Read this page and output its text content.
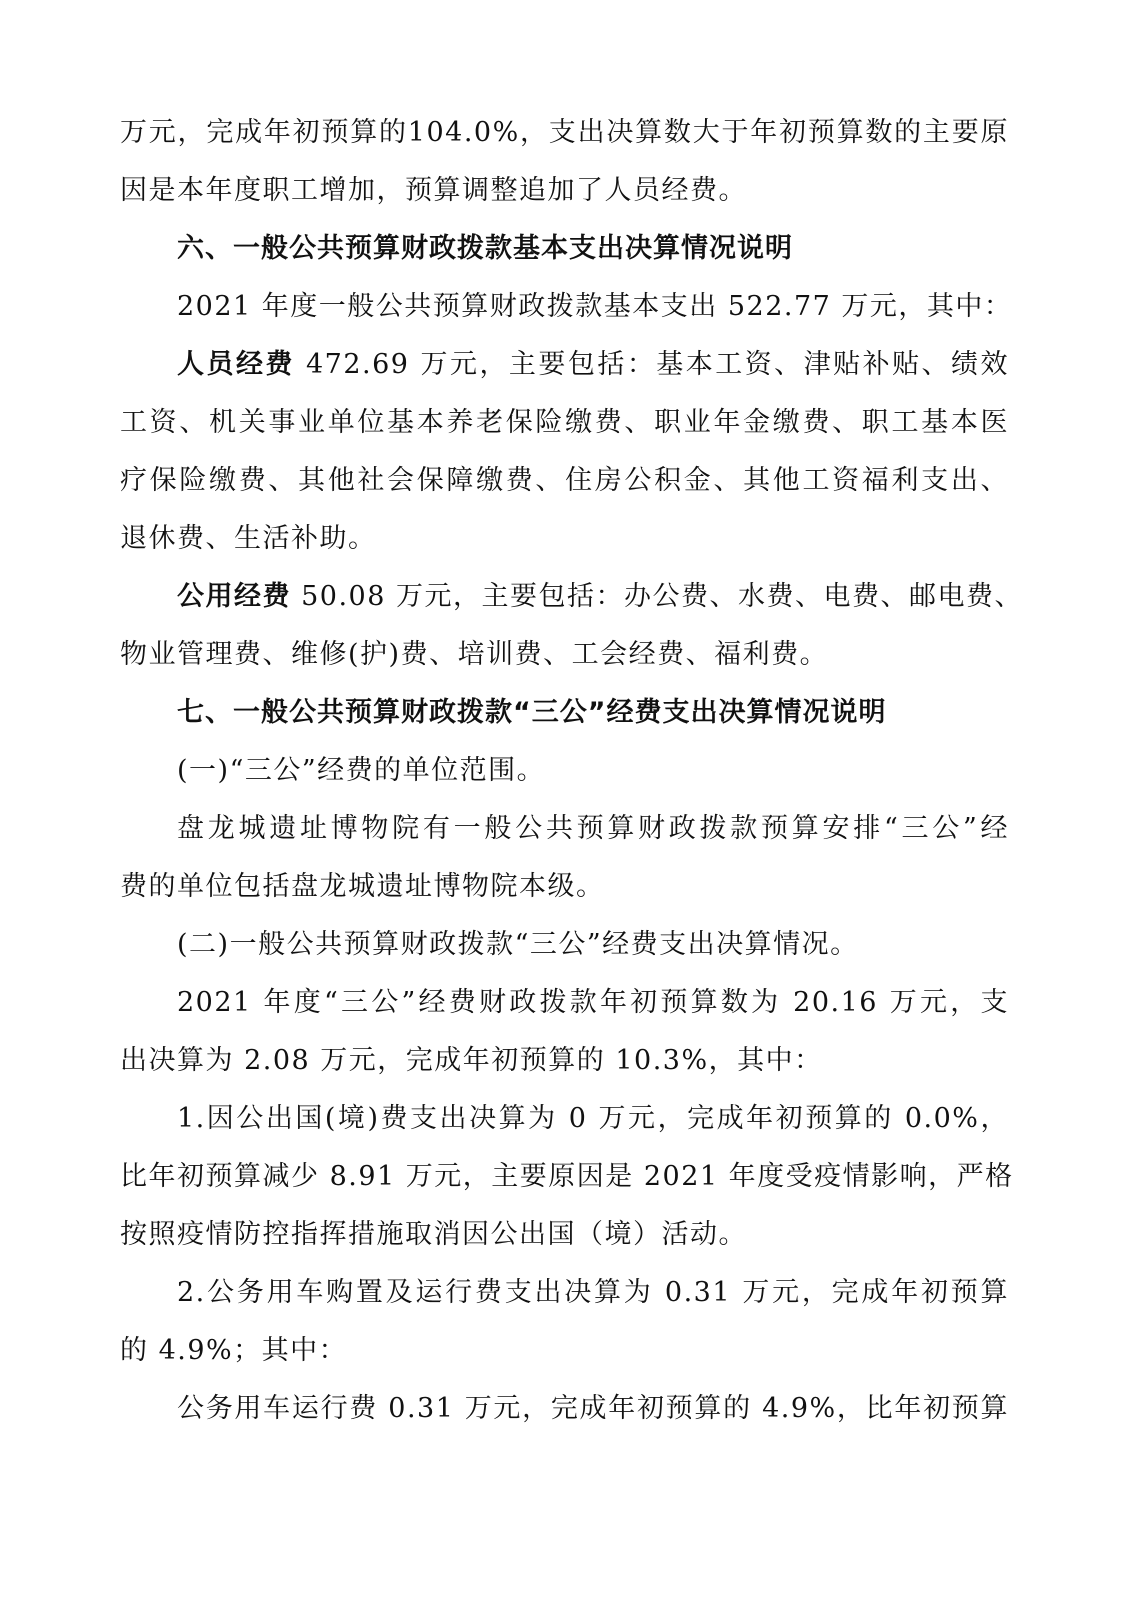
万元，完成年初预算的104.0%，支出决算数大于年初预算数的主要原
因是本年度职工增加，预算调整追加了人员经费。
六、一般公共预算财政拨款基本支出决算情况说明
2021 年度一般公共预算财政拨款基本支出 522.77 万元，其中：
人员经费 472.69 万元，主要包括：基本工资、津贴补贴、绩效
工资、机关事业单位基本养老保险缴费、职业年金缴费、职工基本医
疗保险缴费、其他社会保障缴费、住房公积金、其他工资福利支出、
退休费、生活补助。
公用经费 50.08 万元，主要包括：办公费、水费、电费、邮电费、
物业管理费、维修(护)费、培训费、工会经费、福利费。
七、一般公共预算财政拨款“三公”经费支出决算情况说明
(一)“三公”经费的单位范围。
盘龙城遗址博物院有一般公共预算财政拨款预算安排“三公”经
费的单位包括盘龙城遗址博物院本级。
(二)一般公共预算财政拨款“三公”经费支出决算情况。
2021 年度“三公”经费财政拨款年初预算数为 20.16 万元，支
出决算为 2.08 万元，完成年初预算的 10.3%，其中：
1.因公出国(境)费支出决算为 0 万元，完成年初预算的 0.0%，
比年初预算减少 8.91 万元，主要原因是 2021 年度受疫情影响，严格
按照疫情防控指挥措施取消因公出国（境）活动。
2.公务用车购置及运行费支出决算为 0.31 万元，完成年初预算
的 4.9%；其中：
公务用车运行费 0.31 万元，完成年初预算的 4.9%，比年初预算
